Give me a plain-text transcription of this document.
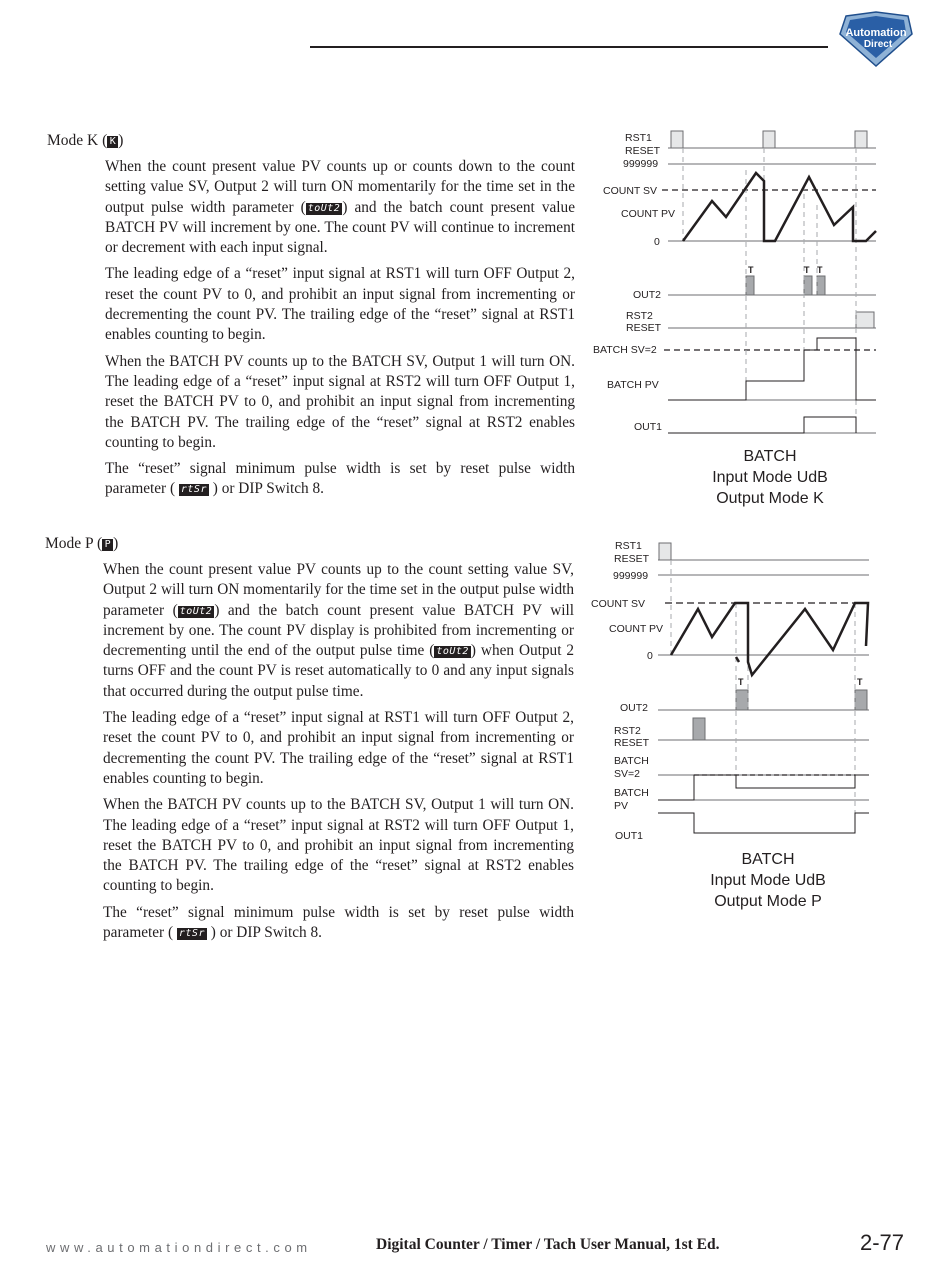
Automation
Direct
Mode K ( K )

When the count present value PV counts up or counts down to the count setting value SV, Output 2 will turn ON momentarily for the time set in the output pulse width parameter ( toUt2 ) and the batch count present value BATCH PV will increment by one. The count PV will continue to increment or decrement with each input signal.

The leading edge of a “reset” input signal at RST1 will turn OFF Output 2, reset the count PV to 0, and prohibit an input signal from incrementing or decrementing the count PV. The trailing edge of the “reset” signal at RST1 enables counting to begin.

When the BATCH PV counts up to the BATCH SV, Output 1 will turn ON. The leading edge of a “reset” input signal at RST2 will turn OFF Output 1, reset the BATCH PV to 0, and prohibit an input signal from incrementing the BATCH PV. The trailing edge of the “reset” signal at RST2 enables counting to begin.

The “reset” signal minimum pulse width is set by reset pulse width parameter ( rtSr ) or DIP Switch 8.

RST1
RESET
999999
COUNT SV
COUNT PV
0
OUT2
RST2
RESET
BATCH SV=2
BATCH PV
OUT1
T	T T
BATCH
Input Mode UdB
Output Mode K
Mode P ( P )

When the count present value PV counts up to the count setting value SV, Output 2 will turn ON momentarily for the time set in the output pulse width parameter ( toUt2 ) and the batch count present value BATCH PV will increment by one. The count PV display is prohibited from incrementing or decrementing until the end of the output pulse time ( toUt2 ) when Output 2 turns OFF and the count PV is reset automatically to 0 and any input signals that occurred during the output pulse time.

The leading edge of a “reset” input signal at RST1 will turn OFF Output 2, reset the count PV to 0, and prohibit an input signal from incrementing or decrementing the count PV. The trailing edge of the “reset” signal at RST1 enables counting to begin.

When the BATCH PV counts up to the BATCH SV, Output 1 will turn ON. The leading edge of a “reset” input signal at RST2 will turn OFF Output 1, reset the BATCH PV to 0, and prohibit an input signal from incrementing the BATCH PV. The trailing edge of the “reset” signal at RST2 enables counting to begin.

The “reset” signal minimum pulse width is set by reset pulse width parameter ( rtSr ) or DIP Switch 8.

RST1
RESET
999999
COUNT SV
COUNT PV
0
OUT2
RST2
RESET
BATCH
SV=2
BATCH
PV
OUT1
T	T
BATCH
Input Mode UdB
Output Mode P
www.automationdirect.com	Digital Counter / Timer / Tach User Manual, 1st Ed.	2-77
